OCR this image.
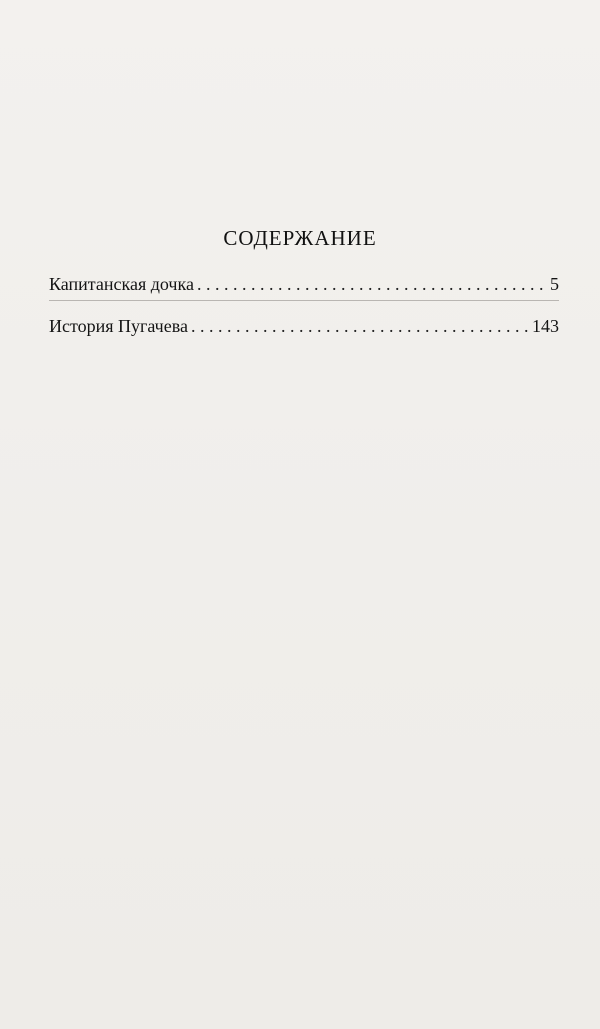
СОДЕРЖАНИЕ
Капитанская дочка . . .	5
История Пугачева . . .	143
